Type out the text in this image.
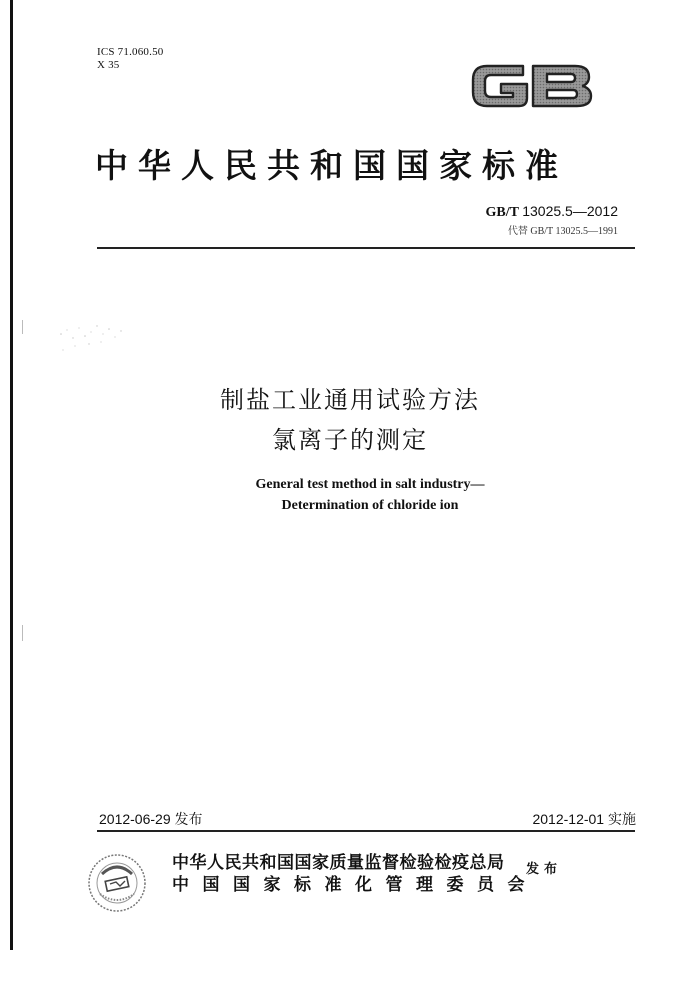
ICS 71.060.50
X 35
中华人民共和国国家标准
GB/T 13025.5—2012
代替 GB/T 13025.5—1991
制盐工业通用试验方法
氯离子的测定
General test method in salt industry—
Determination of chloride ion
2012-06-29 发布	2012-12-01 实施
中华人民共和国国家质量监督检验检疫总局
中国国家标准化管理委员会
发布
